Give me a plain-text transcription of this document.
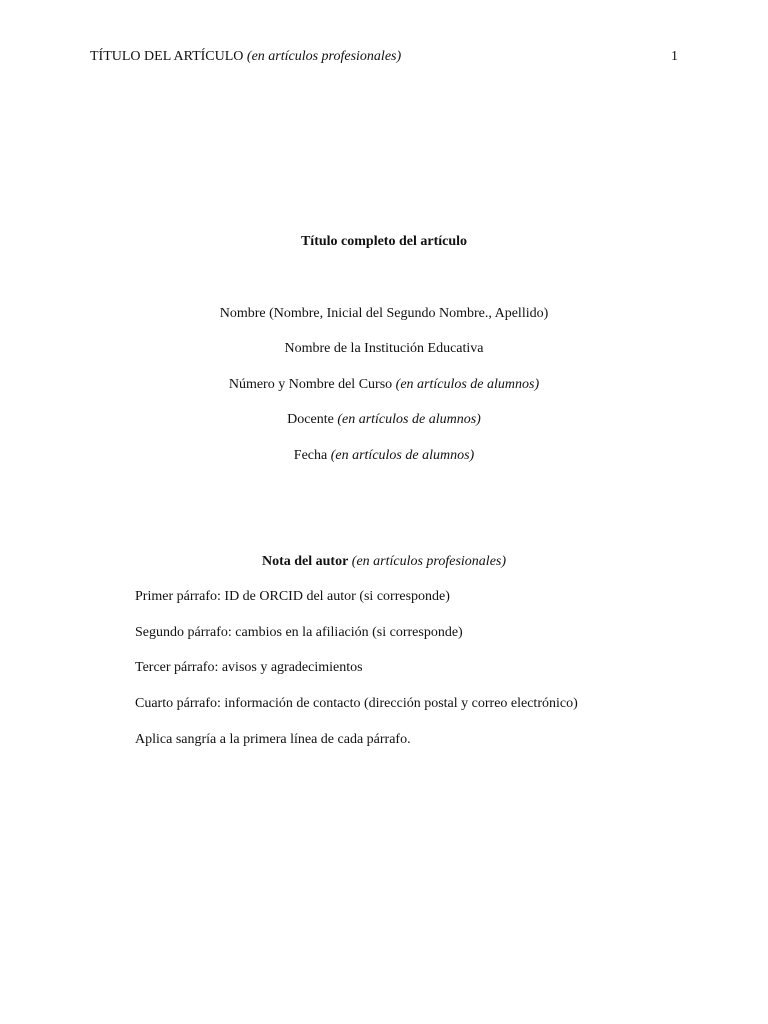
TÍTULO DEL ARTÍCULO (en artículos profesionales)	1
Título completo del artículo
Nombre (Nombre, Inicial del Segundo Nombre., Apellido)
Nombre de la Institución Educativa
Número y Nombre del Curso (en artículos de alumnos)
Docente (en artículos de alumnos)
Fecha (en artículos de alumnos)
Nota del autor (en artículos profesionales)
Primer párrafo: ID de ORCID del autor (si corresponde)
Segundo párrafo: cambios en la afiliación (si corresponde)
Tercer párrafo: avisos y agradecimientos
Cuarto párrafo: información de contacto (dirección postal y correo electrónico)
Aplica sangría a la primera línea de cada párrafo.
